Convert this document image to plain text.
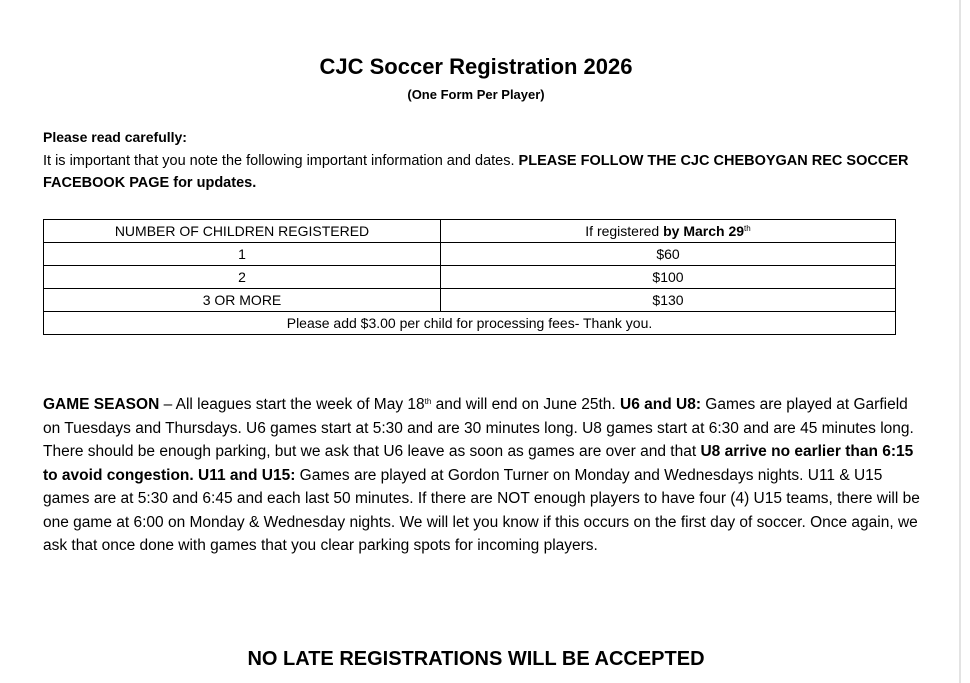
CJC Soccer Registration 2026
(One Form Per Player)
Please read carefully:
It is important that you note the following important information and dates. PLEASE FOLLOW THE CJC CHEBOYGAN REC SOCCER FACEBOOK PAGE for updates.
NUMBER OF CHILDREN REGISTERED	If registered by March 29th
1	$60
2	$100
3 OR MORE	$130
Please add $3.00 per child for processing fees- Thank you.	
GAME SEASON – All leagues start the week of May 18th and will end on June 25th. U6 and U8: Games are played at Garfield on Tuesdays and Thursdays. U6 games start at 5:30 and are 30 minutes long. U8 games start at 6:30 and are 45 minutes long. There should be enough parking, but we ask that U6 leave as soon as games are over and that U8 arrive no earlier than 6:15 to avoid congestion. U11 and U15: Games are played at Gordon Turner on Monday and Wednesdays nights. U11 & U15 games are at 5:30 and 6:45 and each last 50 minutes. If there are NOT enough players to have four (4) U15 teams, there will be one game at 6:00 on Monday & Wednesday nights. We will let you know if this occurs on the first day of soccer. Once again, we ask that once done with games that you clear parking spots for incoming players.
NO LATE REGISTRATIONS WILL BE ACCEPTED
